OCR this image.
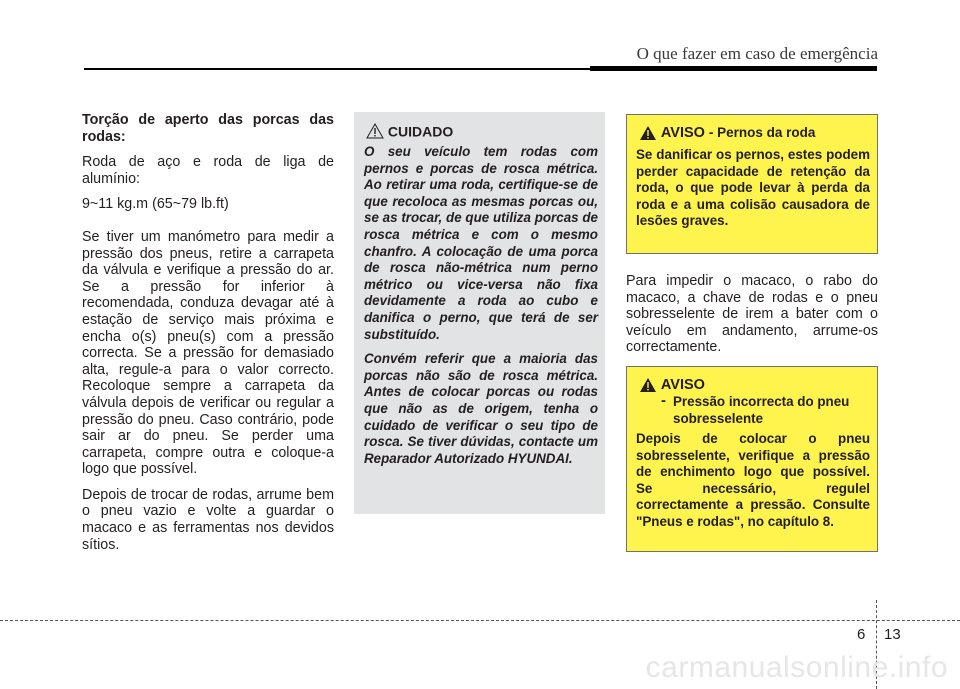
O que fazer em caso de emergência

Torção de aperto das porcas das rodas:

Roda de aço e roda de liga de alumínio:

9~11 kg.m (65~79 lb.ft)

Se tiver um manómetro para medir a pressão dos pneus, retire a carrapeta da válvula e verifique a pressão do ar. Se a pressão for inferior à recomendada, conduza devagar até à estação de serviço mais próxima e encha o(s) pneu(s) com a pressão correcta. Se a pressão for demasiado alta, regule-a para o valor correcto. Recoloque sempre a carrapeta da válvula depois de verificar ou regular a pressão do pneu. Caso contrário, pode sair ar do pneu. Se perder uma carrapeta, compre outra e coloque-a logo que possível.

Depois de trocar de rodas, arrume bem o pneu vazio e volte a guardar o macaco e as ferramentas nos devidos sítios.

CUIDADO

O seu veículo tem rodas com pernos e porcas de rosca métrica. Ao retirar uma roda, certifique-se de que recoloca as mesmas porcas ou, se as trocar, de que utiliza porcas de rosca métrica e com o mesmo chanfro. A colocação de uma porca de rosca não-métrica num perno métrico ou vice-versa não fixa devidamente a roda ao cubo e danifica o perno, que terá de ser substituído.

Convém referir que a maioria das porcas não são de rosca métrica. Antes de colocar porcas ou rodas que não as de origem, tenha o cuidado de verificar o seu tipo de rosca. Se tiver dúvidas, contacte um Reparador Autorizado HYUNDAI.

AVISO - Pernos da roda
Se danificar os pernos, estes podem perder capacidade de retenção da roda, o que pode levar à perda da roda e a uma colisão causadora de lesões graves.

Para impedir o macaco, o rabo do macaco, a chave de rodas e o pneu sobresselente de irem a bater com o veículo em andamento, arrume-os correctamente.

AVISO
- Pressão incorrecta do pneu sobresselente
Depois de colocar o pneu sobresselente, verifique a pressão de enchimento logo que possível. Se necessário, regulel correctamente a pressão. Consulte "Pneus e rodas", no capítulo 8.
6 13
carmanualsonline.info
